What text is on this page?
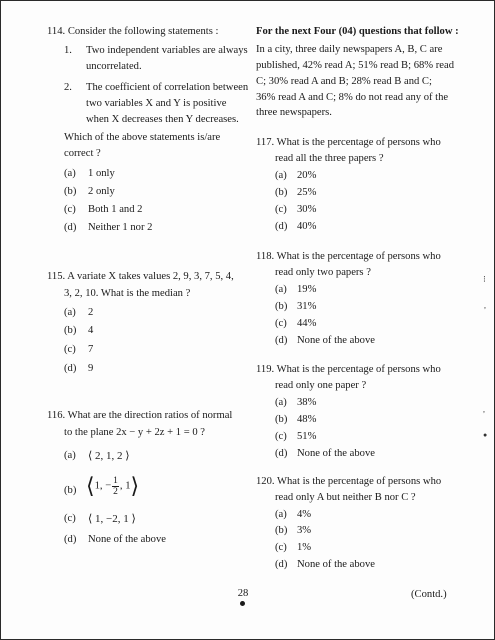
114. Consider the following statements :
1. Two independent variables are always
uncorrelated.
2. The coefficient of correlation between
two variables X and Y is positive
when X decreases then Y decreases.
Which of the above statements is/are
correct ?
(a)	1 only
(b)	2 only
(c)	Both 1 and 2
(d)	Neither 1 nor 2
115. A variate X takes values 2, 9, 3, 7, 5, 4,
3, 2, 10. What is the median ?
(a)	2
(b)	4
(c)	7
(d)	9
116. What are the direction ratios of normal
to the plane 2x − y + 2z + 1 = 0 ?
(a)	⟨ 2, 1, 2 ⟩
(b) ⟨1, − $\frac{1}{2}$ , 1⟩
(c)	⟨ 1, −2, 1 ⟩
(d)	None of the above
For the next Four (04) questions that follow :
In a city, three daily newspapers A, B, C are
published, 42% read A; 51% read B; 68% read
C; 30% read A and B; 28% read B and C;
36% read A and C; 8% do not read any of the
three newspapers.
117. What is the percentage of persons who
read all the three papers ?
(a) 20%
(b) 25%
(c) 30%
(d) 40%
118. What is the percentage of persons who
read only two papers ?
(a) 19%
(b) 31%
(c) 44%
(d) None of the above
119. What is the percentage of persons who
read only one paper ?
(a) 38%
(b) 48%
(c) 51%
(d) None of the above
120. What is the percentage of persons who
read only A but neither B nor C ?
(a) 4%
(b) 3%
(c) 1%
(d) None of the above
⁝
,
,
●
28	(Contd.)
